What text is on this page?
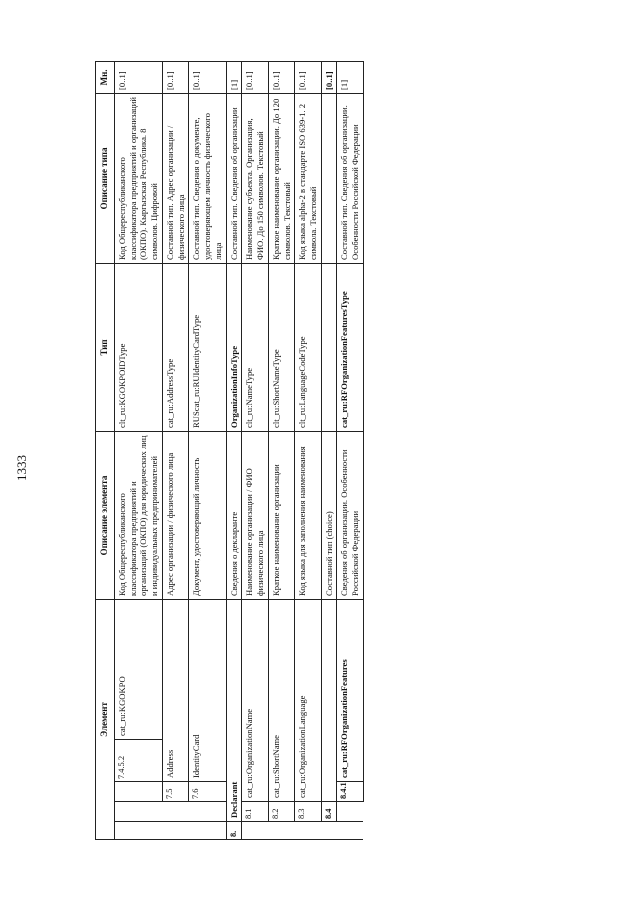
1333
Элемент					Описание элемента	Тип	Описание типа	Мн.
			7.4.5.2	cat_ru:KGOKPO	Код Общереспубликанского классификатора предприятий и организаций (ОКПО) для юридических лиц и индивидуальных предпринимателей	clt_ru:KGOKPOIDType	Код Общереспубликанского классификатора предприятий и организаций (ОКПО). Кыргызская Республика. 8 символов. Цифровой	[0..1]
		7.5	Address		Адрес организации / физического лица	cat_ru:AddressType	Составной тип. Адрес организации / физического лица	[0..1]
		7.6	IdentityCard		Документ, удостоверяющий личность	RUScat_ru:RUIdentityCardType	Составной тип. Сведения о документе, удостоверяющем личность физического лица	[0..1]
8.	Declarant				Сведения о декларанте	OrganizationInfoType	Составной тип. Сведения об организации	[1]
	8.1	cat_ru:OrganizationName			Наименование организации / ФИО физического лица	clt_ru:NameType	Наименование субъекта. Организация, ФИО. До 150 символов. Текстовый	[0..1]
	8.2	cat_ru:ShortName			Краткое наименование организации	clt_ru:ShortNameType	Краткое наименование организации. До 120 символов. Текстовый	[0..1]
	8.3	cat_ru:OrganizationLanguage			Код языка для заполнения наименования	clt_ru:LanguageCodeType	Код языка alpha-2 в стандарте ISO 639-1. 2 символа. Текстовый	[0..1]
	8.4				Составной тип (choice)			[0..1]
		8.4.1	cat_ru:RFOrganizationFeatures		Сведения об организации. Особенности Российской Федерации	cat_ru:RFOrganizationFeaturesType	Составной тип. Сведения об организации. Особенности Российской Федерации	[1]
